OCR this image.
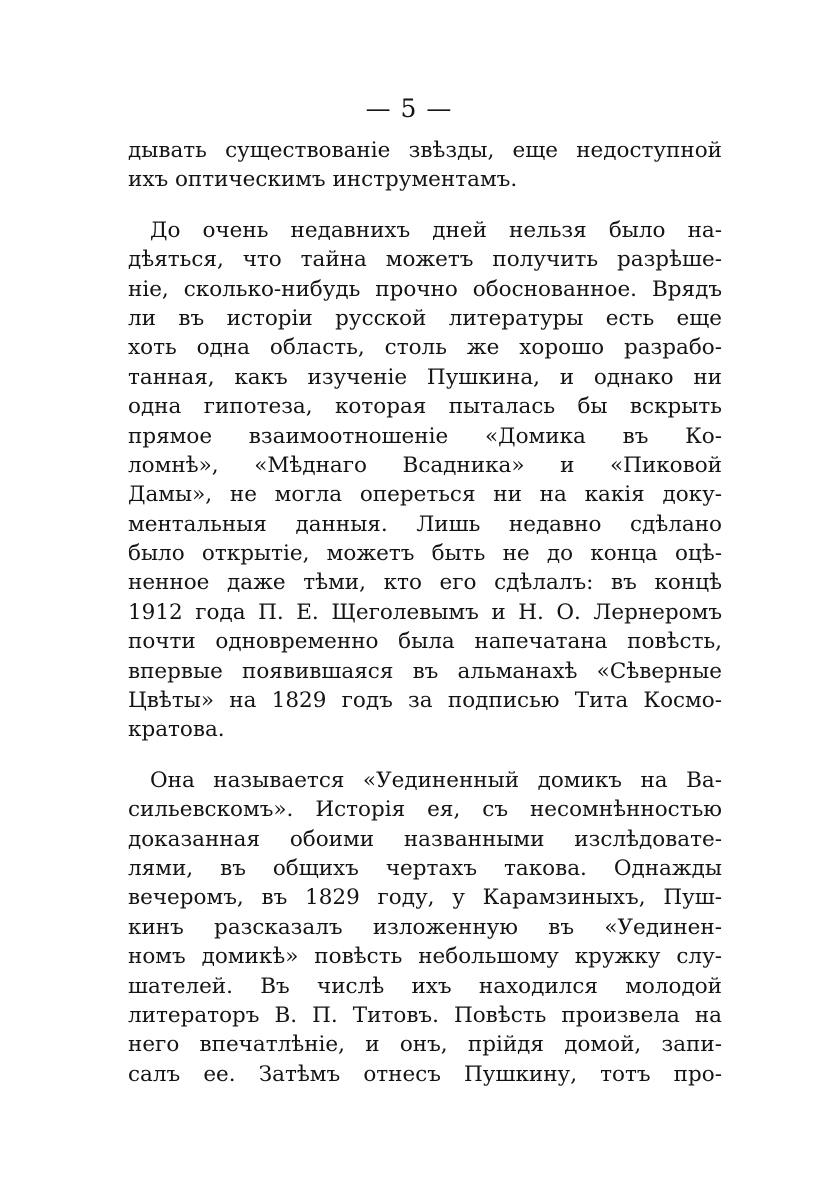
— 5 —
дывать существованіе звѣзды, еще недоступной
ихъ оптическимъ инструментамъ.
До очень недавнихъ дней нельзя было на-
дѣяться, что тайна можетъ получить разрѣше-
ніе, сколько-нибудь прочно обоснованное. Врядъ
ли въ исторіи русской литературы есть еще
хоть одна область, столь же хорошо разрабо-
танная, какъ изученіе Пушкина, и однако ни
одна гипотеза, которая пыталась бы вскрыть
прямое взаимоотношеніе «Домика въ Ко-
ломнѣ», «Мѣднаго Всадника» и «Пиковой
Дамы», не могла опереться ни на какія доку-
ментальныя данныя. Лишь недавно сдѣлано
было открытіе, можетъ быть не до конца оцѣ-
ненное даже тѣми, кто его сдѣлалъ: въ концѣ
1912 года П. Е. Щеголевымъ и Н. О. Лернеромъ
почти одновременно была напечатана повѣсть,
впервые появившаяся въ альманахѣ «Сѣверные
Цвѣты» на 1829 годъ за подписью Тита Космо-
кратова.
Она называется «Уединенный домикъ на Ва-
сильевскомъ». Исторія ея, съ несомнѣнностью
доказанная обоими названными изслѣдовате-
лями, въ общихъ чертахъ такова. Однажды
вечеромъ, въ 1829 году, у Карамзиныхъ, Пуш-
кинъ разсказалъ изложенную въ «Уединен-
номъ домикѣ» повѣсть небольшому кружку слу-
шателей. Въ числѣ ихъ находился молодой
литераторъ В. П. Титовъ. Повѣсть произвела на
него впечатлѣніе, и онъ, прійдя домой, запи-
салъ ее. Затѣмъ отнесъ Пушкину, тотъ про-
